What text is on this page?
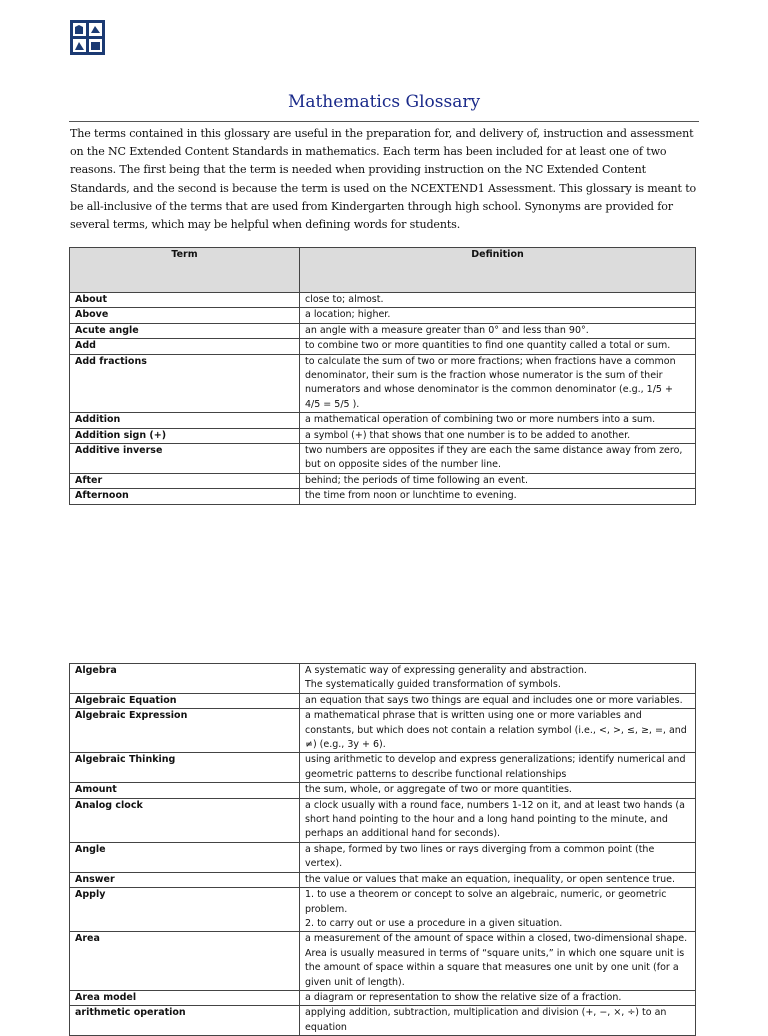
Mathematics Glossary

The terms contained in this glossary are useful in the preparation for, and delivery of, instruction and assessment on the NC Extended Content Standards in mathematics. Each term has been included for at least one of two reasons. The first being that the term is needed when providing instruction on the NC Extended Content Standards, and the second is because the term is used on the NCEXTEND1 Assessment. This glossary is meant to be all-inclusive of the terms that are used from Kindergarten through high school. Synonyms are provided for several terms, which may be helpful when defining words for students.

Term	Definition
About	close to; almost.
Above	a location; higher.
Acute angle	an angle with a measure greater than 0° and less than 90°.
Add	to combine two or more quantities to find one quantity called a total or sum.
Add fractions	to calculate the sum of two or more fractions; when fractions have a common denominator, their sum is the fraction whose numerator is the sum of their numerators and whose denominator is the common denominator (e.g., 1/5 + 4/5 = 5/5 ).
Addition	a mathematical operation of combining two or more numbers into a sum.
Addition sign (+)	a symbol (+) that shows that one number is to be added to another.
Additive inverse	two numbers are opposites if they are each the same distance away from zero, but on opposite sides of the number line.
After	behind; the periods of time following an event.
Afternoon	the time from noon or lunchtime to evening.
Algebra	A systematic way of expressing generality and abstraction.
The systematically guided transformation of symbols.
Algebraic Equation	an equation that says two things are equal and includes one or more variables.
Algebraic Expression	a mathematical phrase that is written using one or more variables and constants, but which does not contain a relation symbol (i.e., <, >, ≤, ≥, =, and ≠) (e.g., 3y + 6).
Algebraic Thinking	using arithmetic to develop and express generalizations; identify numerical and geometric patterns to describe functional relationships
Amount	the sum, whole, or aggregate of two or more quantities.
Analog clock	a clock usually with a round face, numbers 1-12 on it, and at least two hands (a short hand pointing to the hour and a long hand pointing to the minute, and perhaps an additional hand for seconds).
Angle	a shape, formed by two lines or rays diverging from a common point (the vertex).
Answer	the value or values that make an equation, inequality, or open sentence true.
Apply	1. to use a theorem or concept to solve an algebraic, numeric, or geometric problem.
2. to carry out or use a procedure in a given situation.
Area	a measurement of the amount of space within a closed, two-dimensional shape. Area is usually measured in terms of “square units,” in which one square unit is the amount of space within a square that measures one unit by one unit (for a given unit of length).
Area model	a diagram or representation to show the relative size of a fraction.
arithmetic operation	applying addition, subtraction, multiplication and division (+, −, ×, ÷) to an equation
